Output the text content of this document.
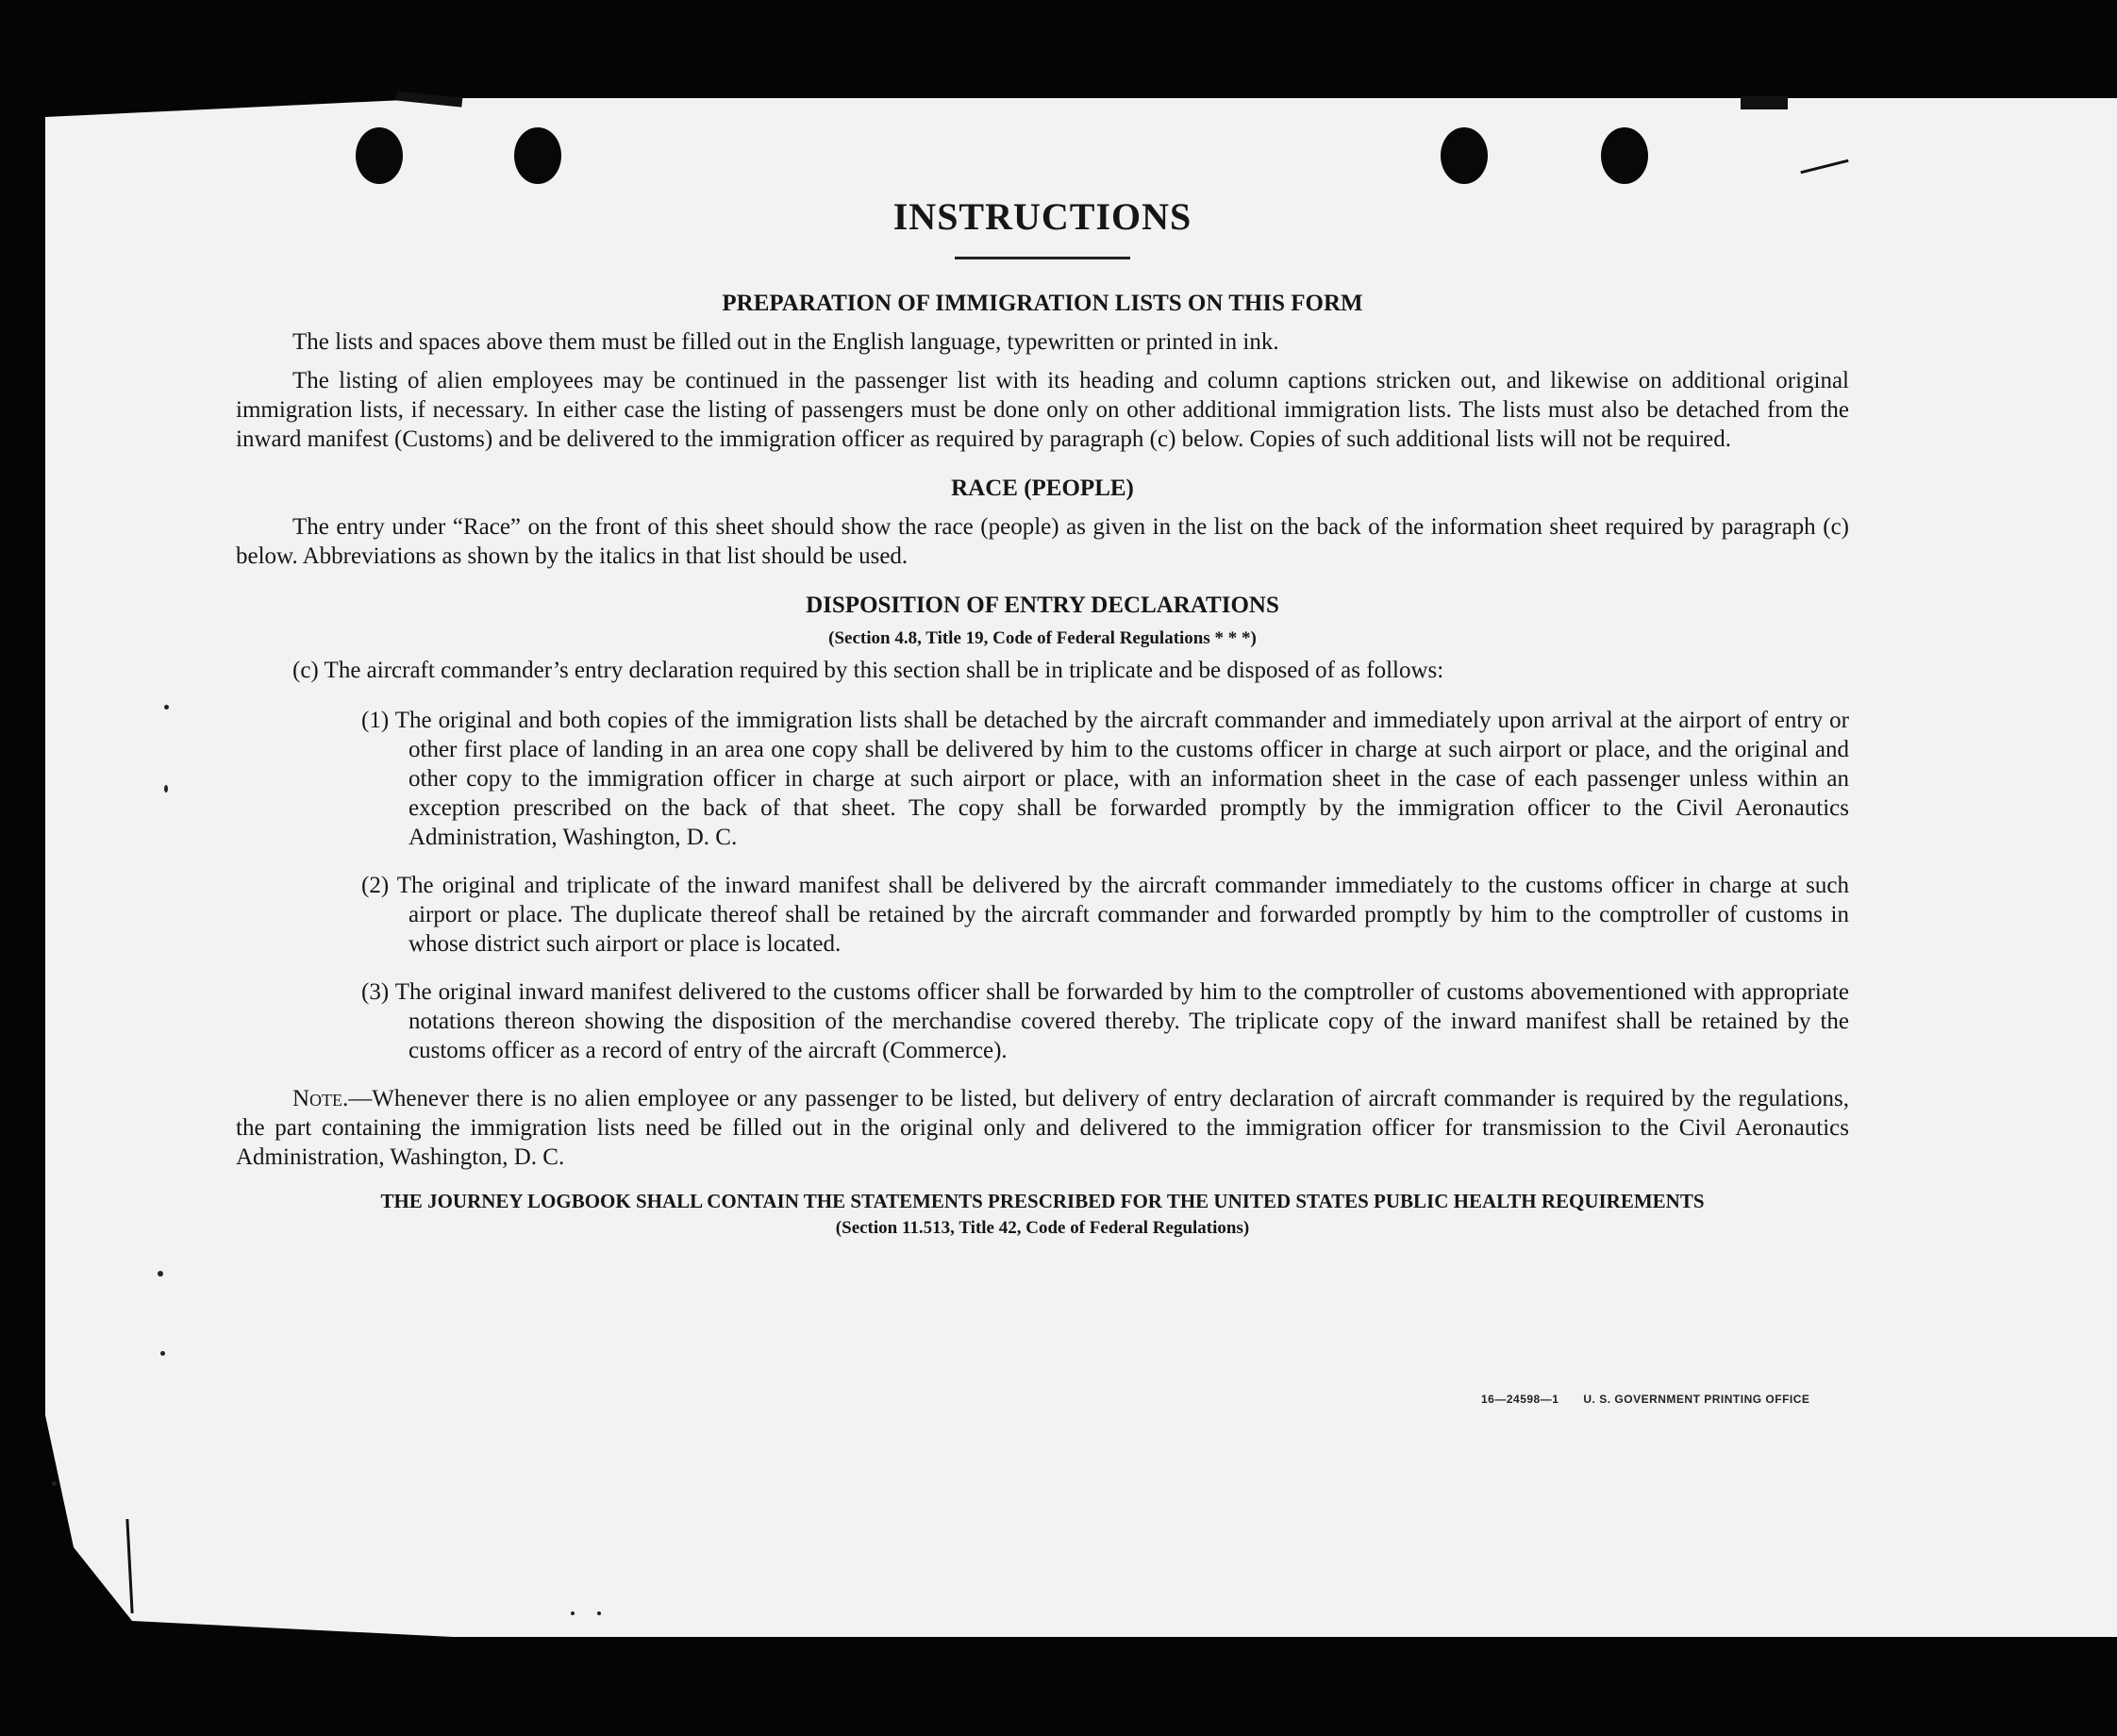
INSTRUCTIONS
PREPARATION OF IMMIGRATION LISTS ON THIS FORM

The lists and spaces above them must be filled out in the English language, typewritten or printed in ink.

The listing of alien employees may be continued in the passenger list with its heading and column captions stricken out, and likewise on additional original immigration lists, if necessary. In either case the listing of passengers must be done only on other additional immigration lists. The lists must also be detached from the inward manifest (Customs) and be delivered to the immigration officer as required by paragraph (c) below. Copies of such additional lists will not be required.

RACE (PEOPLE)

The entry under “Race” on the front of this sheet should show the race (people) as given in the list on the back of the information sheet required by paragraph (c) below. Abbreviations as shown by the italics in that list should be used.

DISPOSITION OF ENTRY DECLARATIONS
(Section 4.8, Title 19, Code of Federal Regulations * * *)

(c) The aircraft commander’s entry declaration required by this section shall be in triplicate and be disposed of as follows:

(1) The original and both copies of the immigration lists shall be detached by the aircraft commander and immediately upon arrival at the airport of entry or other first place of landing in an area one copy shall be delivered by him to the customs officer in charge at such airport or place, and the original and other copy to the immigration officer in charge at such airport or place, with an information sheet in the case of each passenger unless within an exception prescribed on the back of that sheet. The copy shall be forwarded promptly by the immigration officer to the Civil Aeronautics Administration, Washington, D. C.

(2) The original and triplicate of the inward manifest shall be delivered by the aircraft commander immediately to the customs officer in charge at such airport or place. The duplicate thereof shall be retained by the aircraft commander and forwarded promptly by him to the comptroller of customs in whose district such airport or place is located.

(3) The original inward manifest delivered to the customs officer shall be forwarded by him to the comptroller of customs abovementioned with appropriate notations thereon showing the disposition of the merchandise covered thereby. The triplicate copy of the inward manifest shall be retained by the customs officer as a record of entry of the aircraft (Commerce).

Note.—Whenever there is no alien employee or any passenger to be listed, but delivery of entry declaration of aircraft commander is required by the regulations, the part containing the immigration lists need be filled out in the original only and delivered to the immigration officer for transmission to the Civil Aeronautics Administration, Washington, D. C.

THE JOURNEY LOGBOOK SHALL CONTAIN THE STATEMENTS PRESCRIBED FOR THE UNITED STATES PUBLIC HEALTH REQUIREMENTS
(Section 11.513, Title 42, Code of Federal Regulations)
16—24598—1 U. S. GOVERNMENT PRINTING OFFICE
